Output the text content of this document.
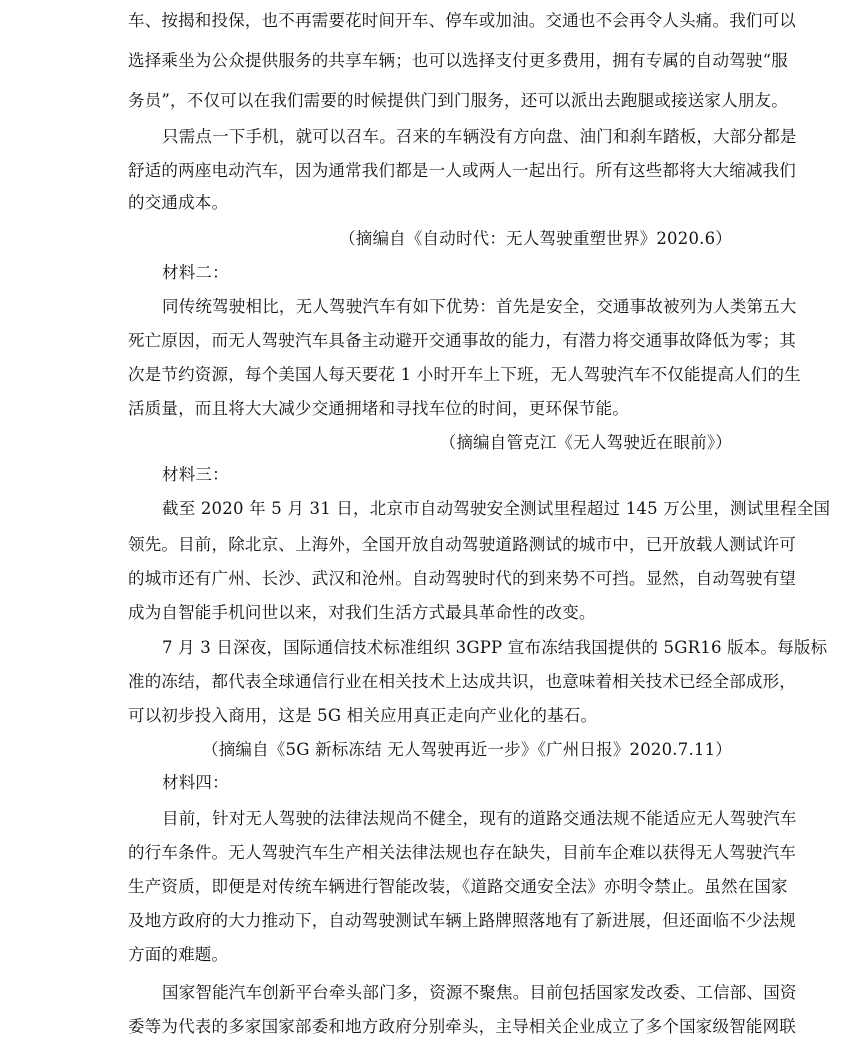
车、按揭和投保，也不再需要花时间开车、停车或加油。交通也不会再令人头痛。我们可以
选择乘坐为公众提供服务的共享车辆；也可以选择支付更多费用，拥有专属的自动驾驶“服
务员”，不仅可以在我们需要的时候提供门到门服务，还可以派出去跑腿或接送家人朋友。
只需点一下手机，就可以召车。召来的车辆没有方向盘、油门和刹车踏板，大部分都是
舒适的两座电动汽车，因为通常我们都是一人或两人一起出行。所有这些都将大大缩减我们
的交通成本。
（摘编自《自动时代：无人驾驶重塑世界》2020.6）
材料二：
同传统驾驶相比，无人驾驶汽车有如下优势：首先是安全，交通事故被列为人类第五大
死亡原因，而无人驾驶汽车具备主动避开交通事故的能力，有潜力将交通事故降低为零；其
次是节约资源，每个美国人每天要花 1 小时开车上下班，无人驾驶汽车不仅能提高人们的生
活质量，而且将大大减少交通拥堵和寻找车位的时间，更环保节能。
（摘编自管克江《无人驾驶近在眼前》）
材料三：
截至 2020 年 5 月 31 日，北京市自动驾驶安全测试里程超过 145 万公里，测试里程全国
领先。目前，除北京、上海外，全国开放自动驾驶道路测试的城市中，已开放载人测试许可
的城市还有广州、长沙、武汉和沧州。自动驾驶时代的到来势不可挡。显然，自动驾驶有望
成为自智能手机问世以来，对我们生活方式最具革命性的改变。
7 月 3 日深夜，国际通信技术标准组织 3GPP 宣布冻结我国提供的 5GR16 版本。每版标
准的冻结，都代表全球通信行业在相关技术上达成共识，也意味着相关技术已经全部成形，
可以初步投入商用，这是 5G 相关应用真正走向产业化的基石。
（摘编自《5G 新标冻结 无人驾驶再近一步》《广州日报》2020.7.11）
材料四：
目前，针对无人驾驶的法律法规尚不健全，现有的道路交通法规不能适应无人驾驶汽车
的行车条件。无人驾驶汽车生产相关法律法规也存在缺失，目前车企难以获得无人驾驶汽车
生产资质，即便是对传统车辆进行智能改装，《道路交通安全法》亦明令禁止。虽然在国家
及地方政府的大力推动下，自动驾驶测试车辆上路牌照落地有了新进展，但还面临不少法规
方面的难题。
国家智能汽车创新平台牵头部门多，资源不聚焦。目前包括国家发改委、工信部、国资
委等为代表的多家国家部委和地方政府分别牵头，主导相关企业成立了多个国家级智能网联
